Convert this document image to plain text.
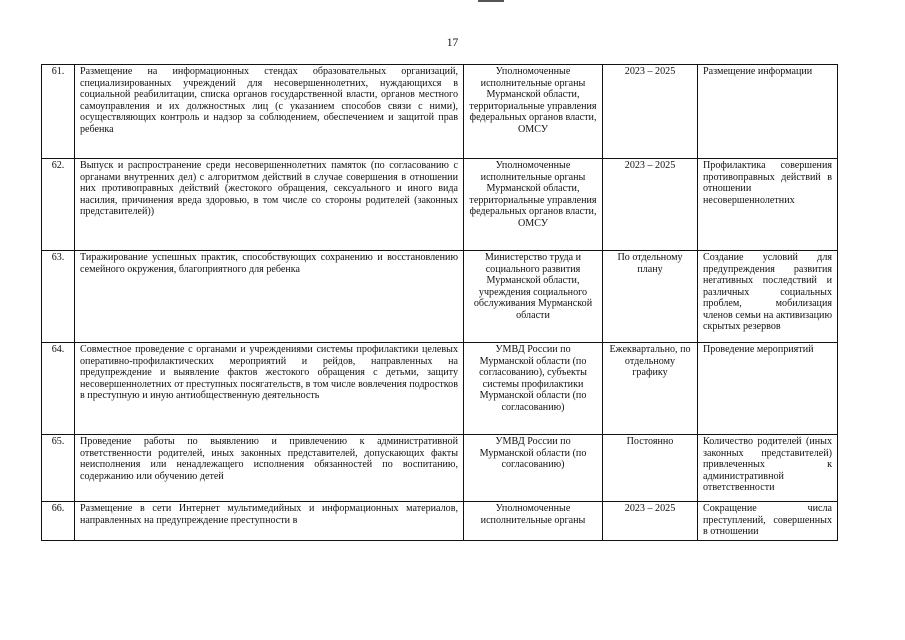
17
61.	Размещение на информационных стендах образовательных организаций, специализированных учреждений для несовершеннолетних, нуждающихся в социальной реабилитации, списка органов государственной власти, органов местного самоуправления и их должностных лиц (с указанием способов связи с ними), осуществляющих контроль и надзор за соблюдением, обеспечением и защитой прав ребенка	Уполномоченные исполнительные органы Мурманской области, территориальные управления федеральных органов власти, ОМСУ	2023 – 2025	Размещение информации
62.	Выпуск и распространение среди несовершеннолетних памяток (по согласованию с органами внутренних дел) с алгоритмом действий в случае совершения в отношении них противоправных действий (жестокого обращения, сексуального и иного вида насилия, причинения вреда здоровью, в том числе со стороны родителей (законных представителей))	Уполномоченные исполнительные органы Мурманской области, территориальные управления федеральных органов власти, ОМСУ	2023 – 2025	Профилактика совершения противоправных действий в отношении несовершеннолетних
63.	Тиражирование успешных практик, способствующих сохранению и восстановлению семейного окружения, благоприятного для ребенка	Министерство труда и социального развития Мурманской области, учреждения социального обслуживания Мурманской области	По отдельному плану	Создание условий для предупреждения развития негативных последствий и различных социальных проблем, мобилизация членов семьи на активизацию скрытых резервов
64.	Совместное проведение с органами и учреждениями системы профилактики целевых оперативно-профилактических мероприятий и рейдов, направленных на предупреждение и выявление фактов жестокого обращения с детьми, защиту несовершеннолетних от преступных посягательств, в том числе вовлечения подростков в преступную и иную антиобщественную деятельность	УМВД России по Мурманской области (по согласованию), субъекты системы профилактики Мурманской области (по согласованию)	Ежеквартально, по отдельному графику	Проведение мероприятий
65.	Проведение работы по выявлению и привлечению к административной ответственности родителей, иных законных представителей, допускающих факты неисполнения или ненадлежащего исполнения обязанностей по воспитанию, содержанию или обучению детей	УМВД России по Мурманской области (по согласованию)	Постоянно	Количество родителей (иных законных представителей) привлеченных к административной ответственности
66.	Размещение в сети Интернет мультимедийных и информационных материалов, направленных на предупреждение преступности в	Уполномоченные исполнительные органы	2023 – 2025	Сокращение числа преступлений, совершенных в отношении
